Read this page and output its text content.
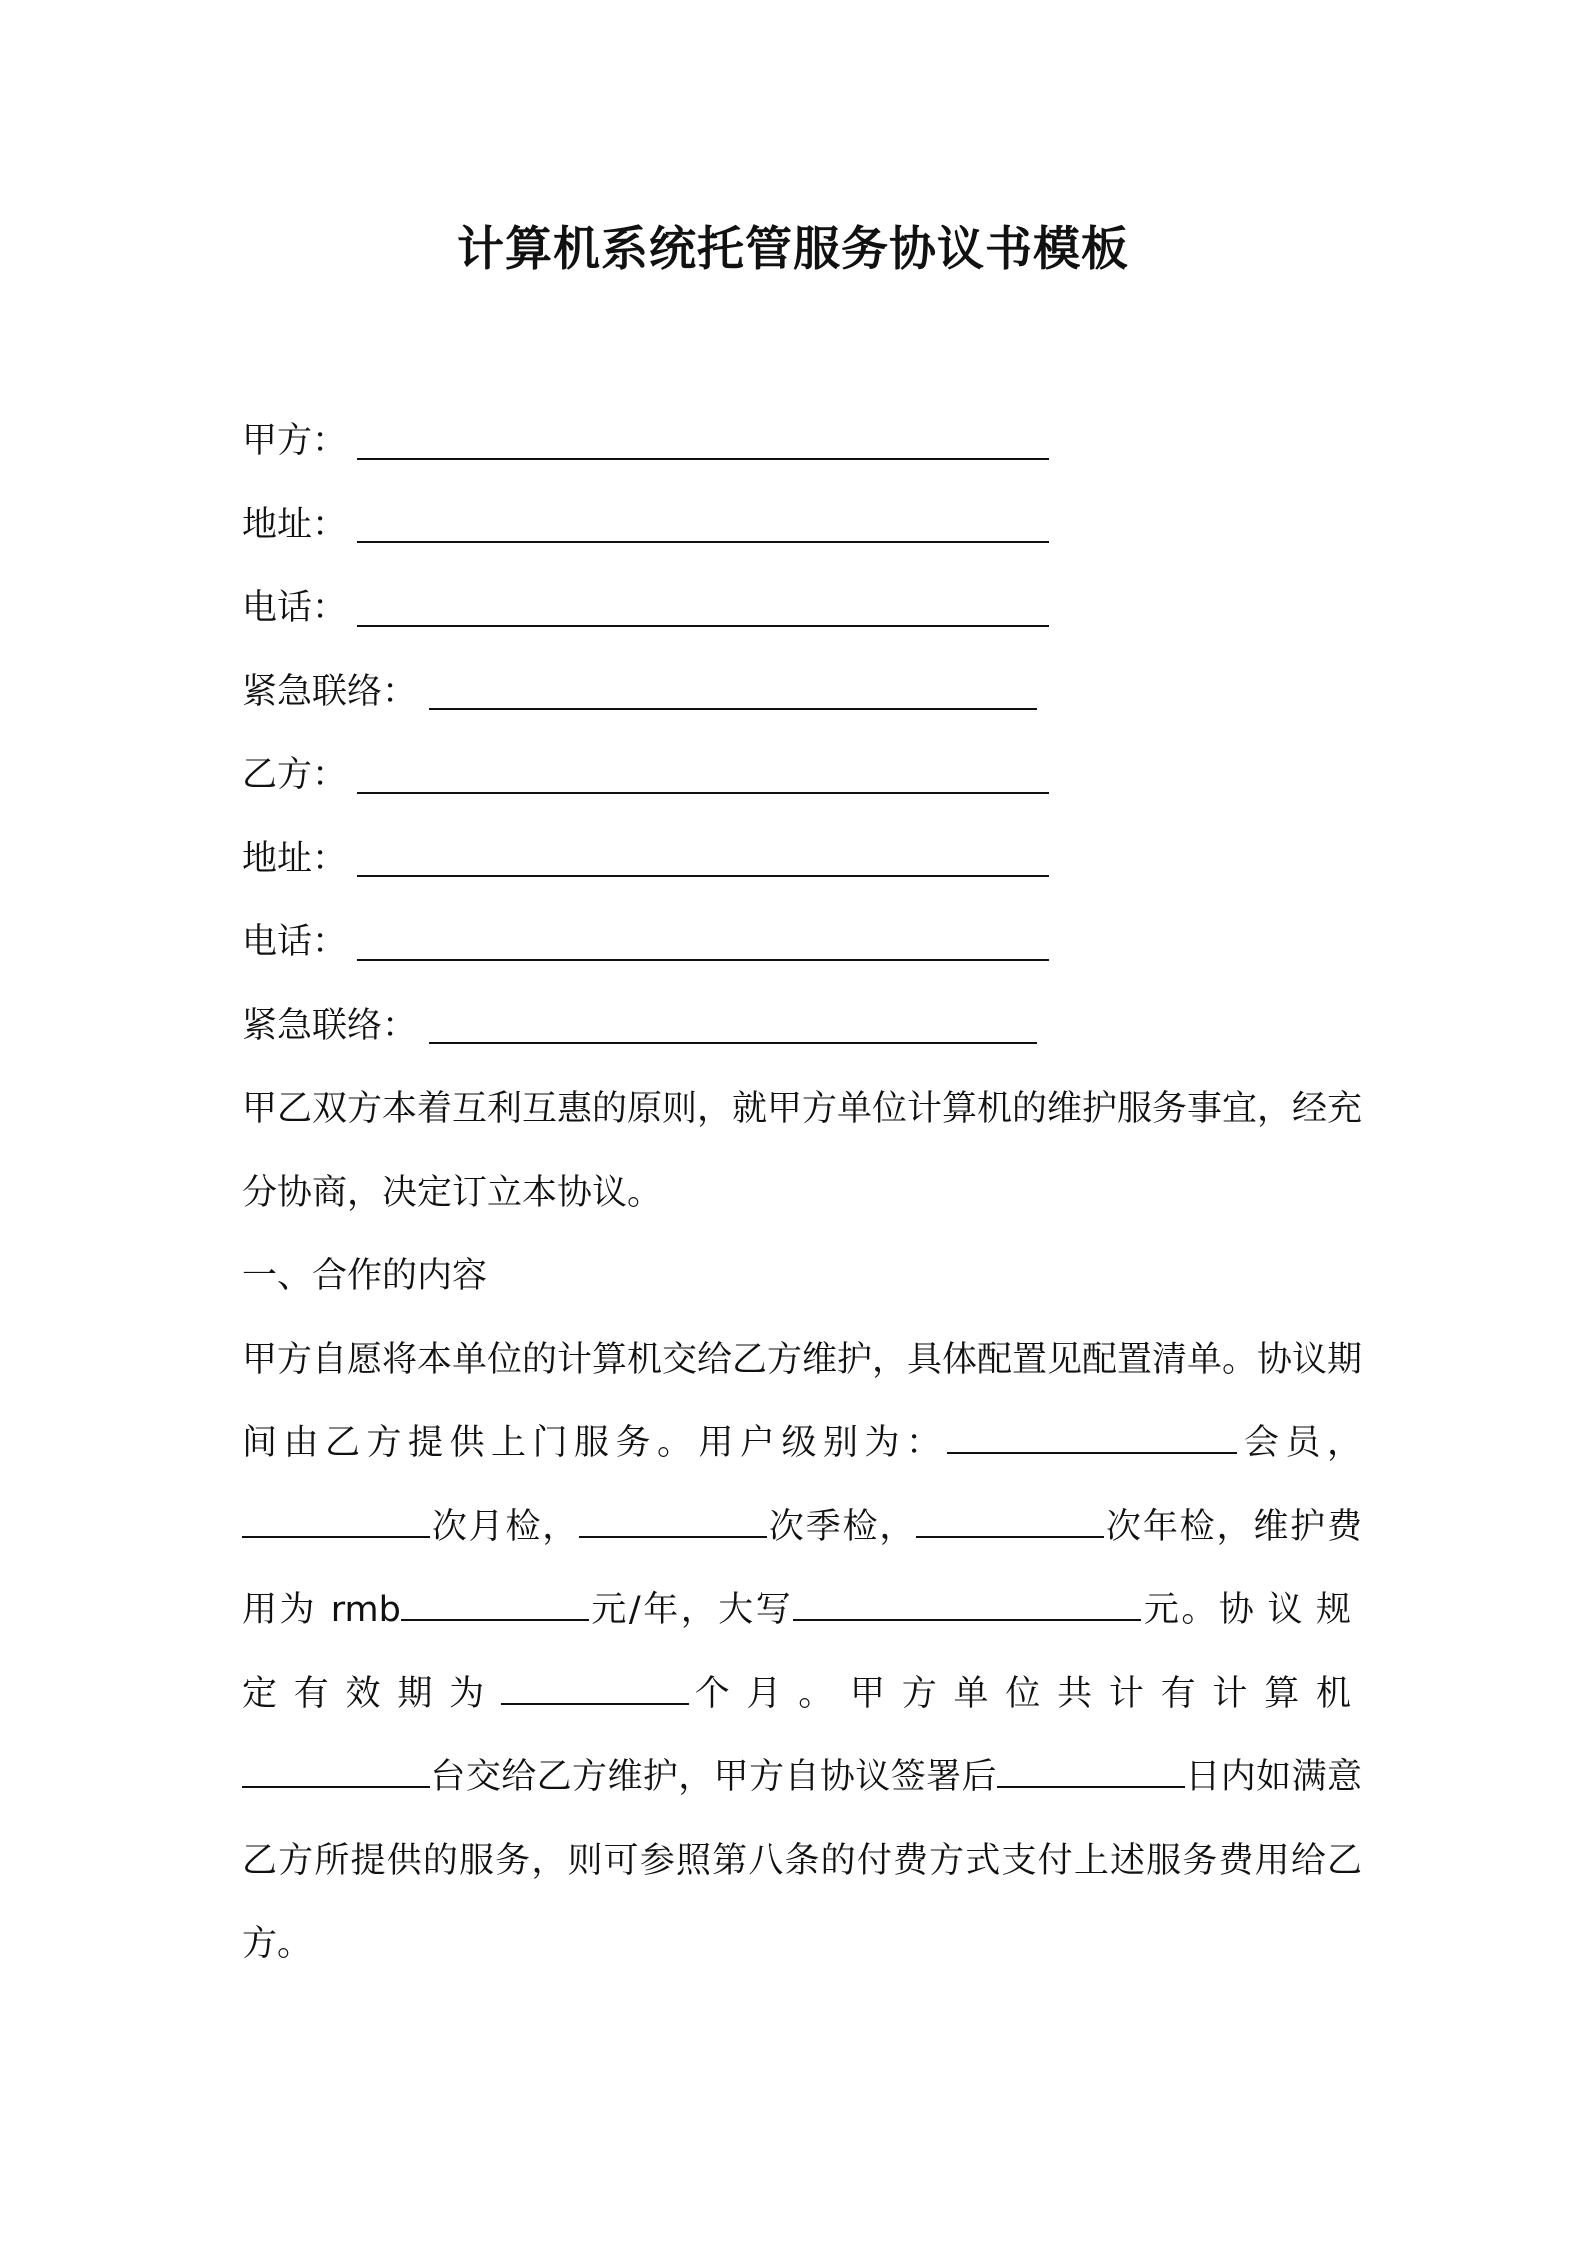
计算机系统托管服务协议书模板
甲方：
地址：
电话：
紧急联络：
乙方：
地址：
电话：
紧急联络：

甲乙双方本着互利互惠的原则，就甲方单位计算机的维护服务事宜，经充分协商，决定订立本协议。

一、合作的内容

甲方自愿将本单位的计算机交给乙方维护，具体配置见配置清单。协议期间由乙方提供上门服务。用户级别为：	会员，次月检，	次季检，	次年检，维护费用为 rmb	元/年，大写	元。协议规定有效期为	个月。甲方单位共计有计算机台交给乙方维护，甲方自协议签署后	日内如满意乙方所提供的服务，则可参照第八条的付费方式支付上述服务费用给乙方。
